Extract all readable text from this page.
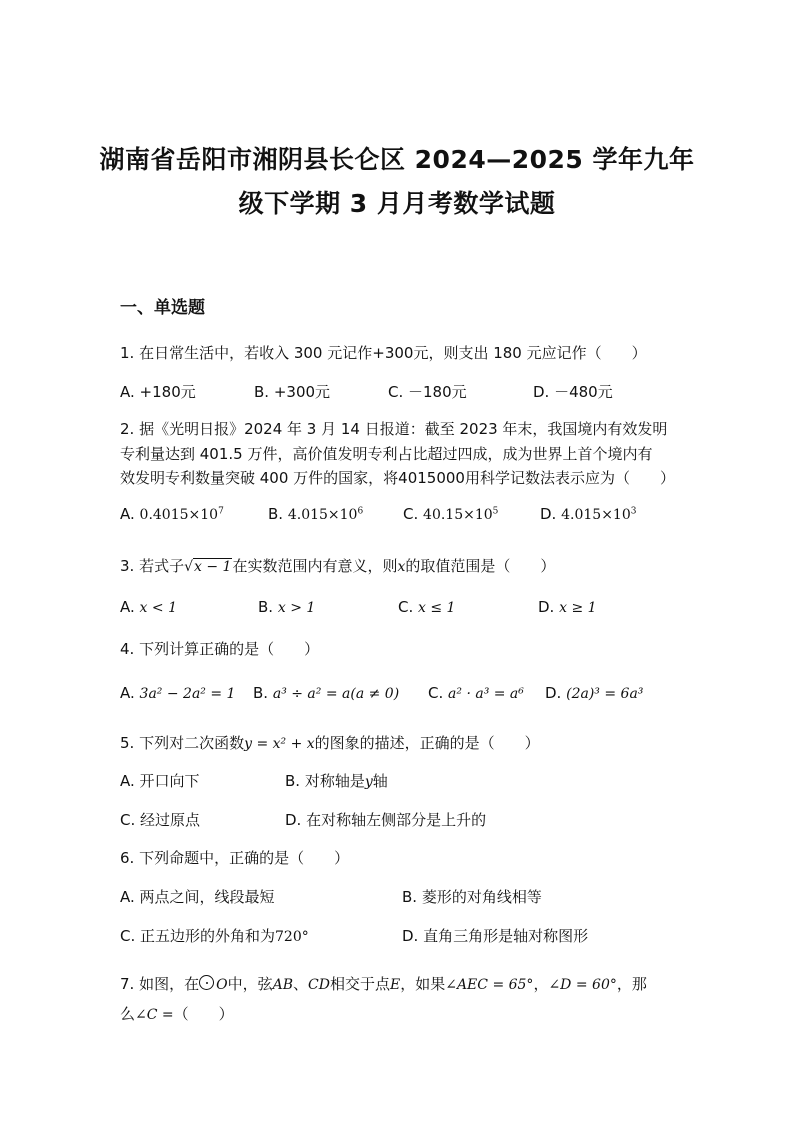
湖南省岳阳市湘阴县长仑区 2024—2025 学年九年
级下学期 3 月月考数学试题
一、单选题
1. 在日常生活中，若收入 300 元记作+300元，则支出 180 元应记作（　　）
A. +180元	B. +300元	C. －180元	D. －480元
2. 据《光明日报》2024 年 3 月 14 日报道：截至 2023 年末，我国境内有效发明
专利量达到 401.5 万件，高价值发明专利占比超过四成，成为世界上首个境内有
效发明专利数量突破 400 万件的国家，将4015000用科学记数法表示应为（　　）
A. $0.4015\times 10^7$	B. $4.015\times 10^6$	C. $40.15\times 10^5$	D. $4.015\times 10^3$
3. 若式子√x − 1在实数范围内有意义，则x的取值范围是（　　）
A. x < 1	B. x > 1	C. x ≤ 1	D. x ≥ 1
4. 下列计算正确的是（　　）
A. 3a² − 2a² = 1 B. a³ ÷ a² = a(a ≠ 0) C. a² · a³ = a⁶ D. (2a)³ = 6a³
5. 下列对二次函数y = x² + x的图象的描述，正确的是（　　）
A. 开口向下	B. 对称轴是y轴
C. 经过原点	D. 在对称轴左侧部分是上升的
6. 下列命题中，正确的是（　　）
A. 两点之间，线段最短	B. 菱形的对角线相等
C. 正五边形的外角和为720°	D. 直角三角形是轴对称图形
7. 如图，在 O中，弦AB、CD相交于点E，如果∠AEC = 65°，∠D = 60°，那
么∠C =（　　）
